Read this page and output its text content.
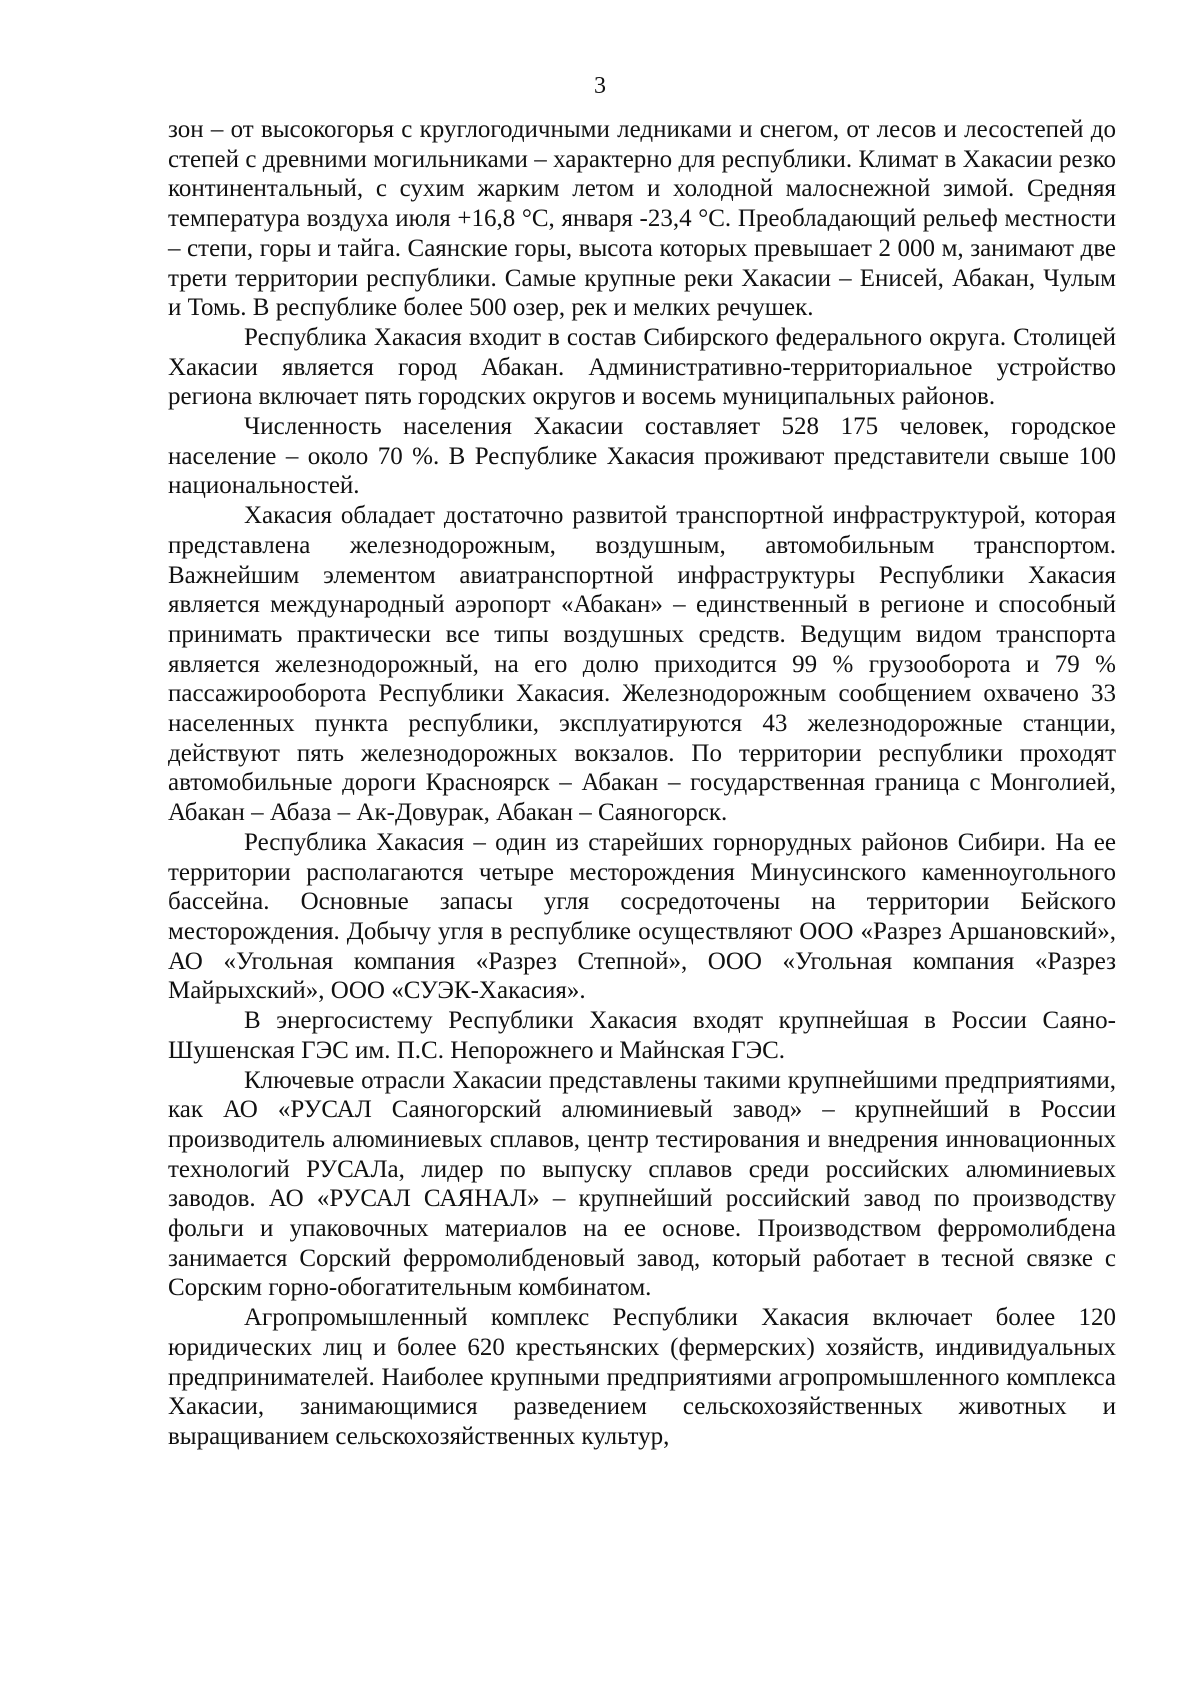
3

зон – от высокогорья с круглогодичными ледниками и снегом, от лесов и лесостепей до степей с древними могильниками – характерно для республики. Климат в Хакасии резко континентальный, с сухим жарким летом и холодной малоснежной зимой. Средняя температура воздуха июля +16,8 °С, января -23,4 °С. Преобладающий рельеф местности – степи, горы и тайга. Саянские горы, высота которых превышает 2 000 м, занимают две трети территории республики. Самые крупные реки Хакасии – Енисей, Абакан, Чулым и Томь. В республике более 500 озер, рек и мелких речушек.

Республика Хакасия входит в состав Сибирского федерального округа. Столицей Хакасии является город Абакан. Административно-территориальное устройство региона включает пять городских округов и восемь муниципальных районов.

Численность населения Хакасии составляет 528 175 человек, городское население – около 70 %. В Республике Хакасия проживают представители свыше 100 национальностей.

Хакасия обладает достаточно развитой транспортной инфраструктурой, которая представлена железнодорожным, воздушным, автомобильным транспортом. Важнейшим элементом авиатранспортной инфраструктуры Республики Хакасия является международный аэропорт «Абакан» – единственный в регионе и способный принимать практически все типы воздушных средств. Ведущим видом транспорта является железнодорожный, на его долю приходится 99 % грузооборота и 79 % пассажирооборота Республики Хакасия. Железнодорожным сообщением охвачено 33 населенных пункта республики, эксплуатируются 43 железнодорожные станции, действуют пять железнодорожных вокзалов. По территории республики проходят автомобильные дороги Красноярск – Абакан – государственная граница с Монголией, Абакан – Абаза – Ак-Довурак, Абакан – Саяногорск.

Республика Хакасия – один из старейших горнорудных районов Сибири. На ее территории располагаются четыре месторождения Минусинского каменноугольного бассейна. Основные запасы угля сосредоточены на территории Бейского месторождения. Добычу угля в республике осуществляют ООО «Разрез Аршановский», АО «Угольная компания «Разрез Степной», ООО «Угольная компания «Разрез Майрыхский», ООО «СУЭК-Хакасия».

В энергосистему Республики Хакасия входят крупнейшая в России Саяно-Шушенская ГЭС им. П.С. Непорожнего и Майнская ГЭС.

Ключевые отрасли Хакасии представлены такими крупнейшими предприятиями, как АО «РУСАЛ Саяногорский алюминиевый завод» – крупнейший в России производитель алюминиевых сплавов, центр тестирования и внедрения инновационных технологий РУСАЛа, лидер по выпуску сплавов среди российских алюминиевых заводов. АО «РУСАЛ САЯНАЛ» – крупнейший российский завод по производству фольги и упаковочных материалов на ее основе. Производством ферромолибдена занимается Сорский ферромолибденовый завод, который работает в тесной связке с Сорским горно-обогатительным комбинатом.

Агропромышленный комплекс Республики Хакасия включает более 120 юридических лиц и более 620 крестьянских (фермерских) хозяйств, индивидуальных предпринимателей. Наиболее крупными предприятиями агропромышленного комплекса Хакасии, занимающимися разведением сельскохозяйственных животных и выращиванием сельскохозяйственных культур,
